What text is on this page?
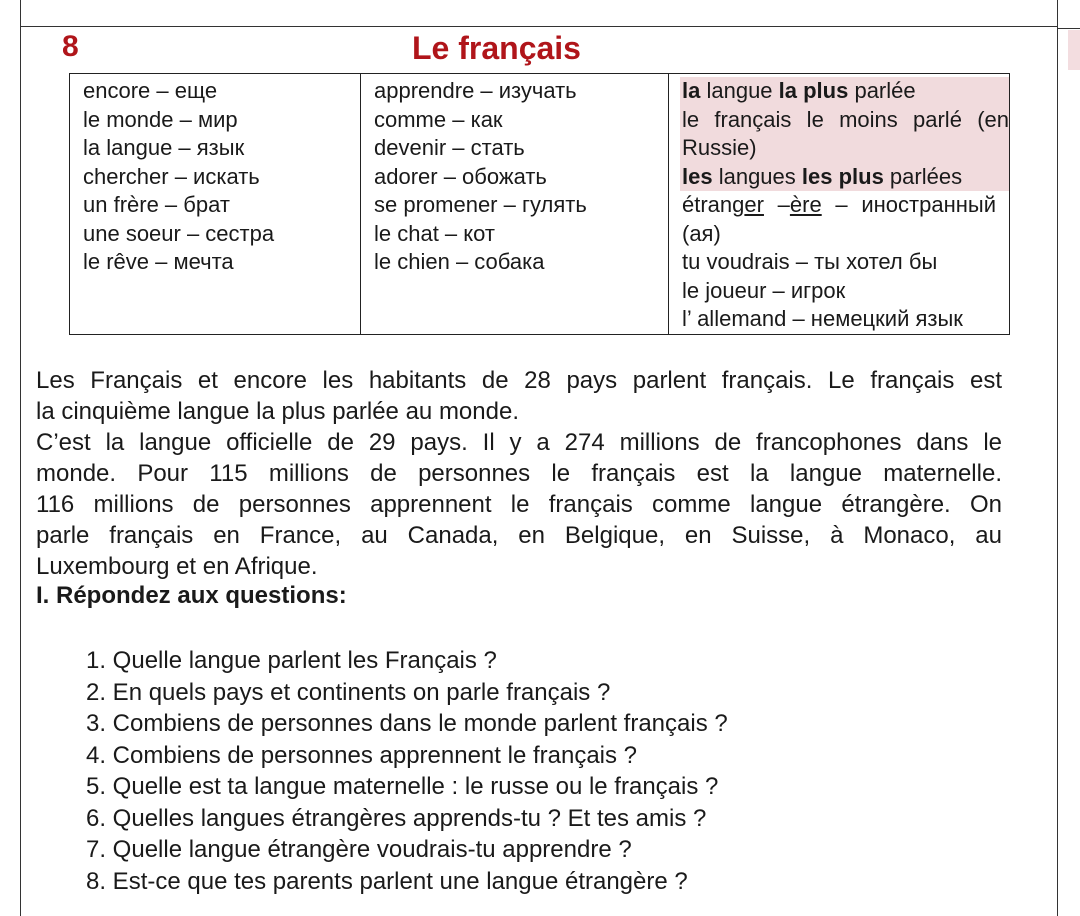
8	Le français
encore – еще
le monde – мир
la langue – язык
chercher – искать
un frère – брат
une soeur – сестра
le rêve – мечта

apprendre – изучать
comme – как
devenir – стать
adorer – обожать
se promener – гулять
le chat – кот
le chien – собака

la langue la plus parlée
le français le moins parlé (en
Russie)
les langues les plus parlées
étranger –ère – иностранный
(ая)
tu voudrais – ты хотел бы
le joueur – игрок
l’ allemand – немецкий язык
Les Français et encore les habitants de 28 pays parlent français. Le français est
la cinquième langue la plus parlée au monde.
C’est la langue officielle de 29 pays. Il y a 274 millions de francophones dans le
monde. Pour 115 millions de personnes le français est la langue maternelle.
116 millions de personnes apprennent le français comme langue étrangère. On
parle français en France, au Canada, en Belgique, en Suisse, à Monaco, au
Luxembourg et en Afrique.
I. Répondez aux questions:
1. Quelle langue parlent les Français ?
2. En quels pays et continents on parle français ?
3. Combiens de personnes dans le monde parlent français ?
4. Combiens de personnes apprennent le français ?
5. Quelle est ta langue maternelle : le russe ou le français ?
6. Quelles langues étrangères apprends-tu ? Et tes amis ?
7. Quelle langue étrangère voudrais-tu apprendre ?
8. Est-ce que tes parents parlent une langue étrangère ?
